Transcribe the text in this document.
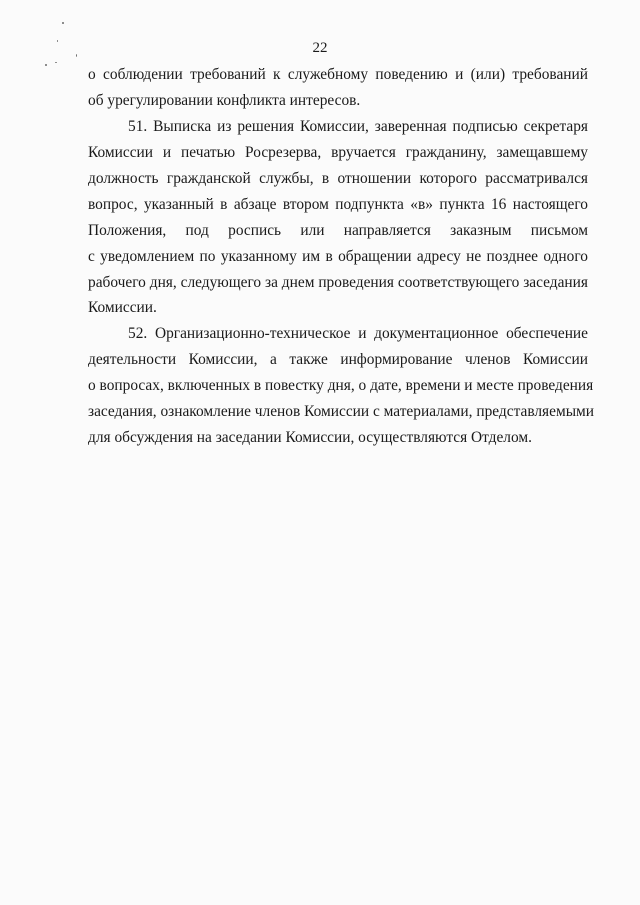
22
о соблюдении требований к служебному поведению и (или) требований
об урегулировании конфликта интересов.
51. Выписка из решения Комиссии, заверенная подписью секретаря
Комиссии и печатью Росрезерва, вручается гражданину, замещавшему
должность гражданской службы, в отношении которого рассматривался
вопрос, указанный в абзаце втором подпункта «в» пункта 16 настоящего
Положения, под роспись или направляется заказным письмом
с уведомлением по указанному им в обращении адресу не позднее одного
рабочего дня, следующего за днем проведения соответствующего заседания
Комиссии.
52. Организационно-техническое и документационное обеспечение
деятельности Комиссии, а также информирование членов Комиссии
о вопросах, включенных в повестку дня, о дате, времени и месте проведения
заседания, ознакомление членов Комиссии с материалами, представляемыми
для обсуждения на заседании Комиссии, осуществляются Отделом.
